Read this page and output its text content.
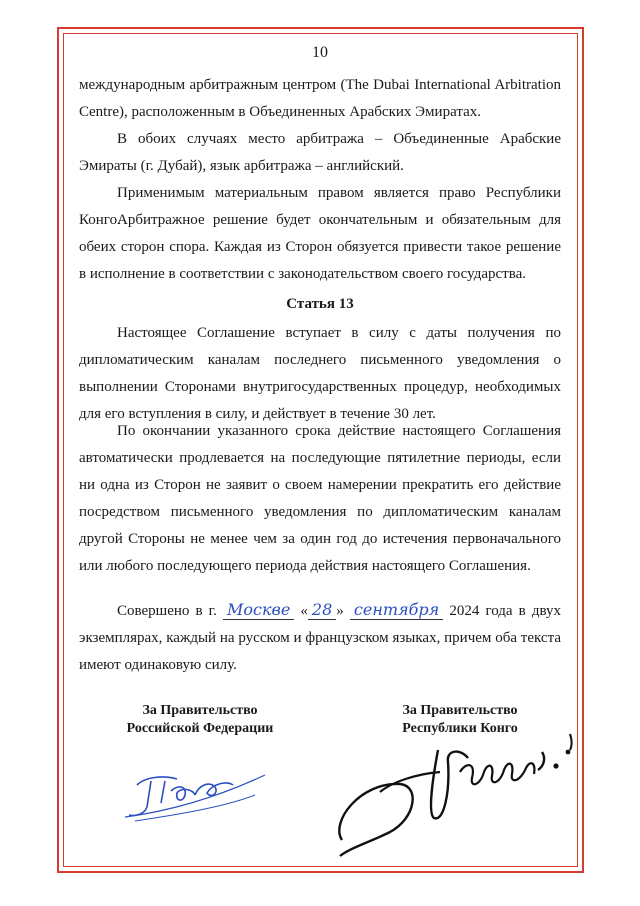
10

международным арбитражным центром (The Dubai International Arbitration Centre), расположенным в Объединенных Арабских Эмиратах.

В обоих случаях место арбитража – Объединенные Арабские Эмираты (г. Дубай), язык арбитража – английский.

Применимым материальным правом является право Республики Конго.

Арбитражное решение будет окончательным и обязательным для обеих сторон спора. Каждая из Сторон обязуется привести такое решение в исполнение в соответствии с законодательством своего государства.

Статья 13

Настоящее Соглашение вступает в силу с даты получения по дипломатическим каналам последнего письменного уведомления о выполнении Сторонами внутригосударственных процедур, необходимых для его вступления в силу, и действует в течение 30 лет.

По окончании указанного срока действие настоящего Соглашения автоматически продлевается на последующие пятилетние периоды, если ни одна из Сторон не заявит о своем намерении прекратить его действие посредством письменного уведомления по дипломатическим каналам другой Стороны не менее чем за один год до истечения первоначального или любого последующего периода действия настоящего Соглашения.

Совершено в г. Москве « 28 » сентября 2024 года в двух экземплярах, каждый на русском и французском языках, причем оба текста имеют одинаковую силу.

За Правительство
Российской Федерации
За Правительство
Республики Конго
